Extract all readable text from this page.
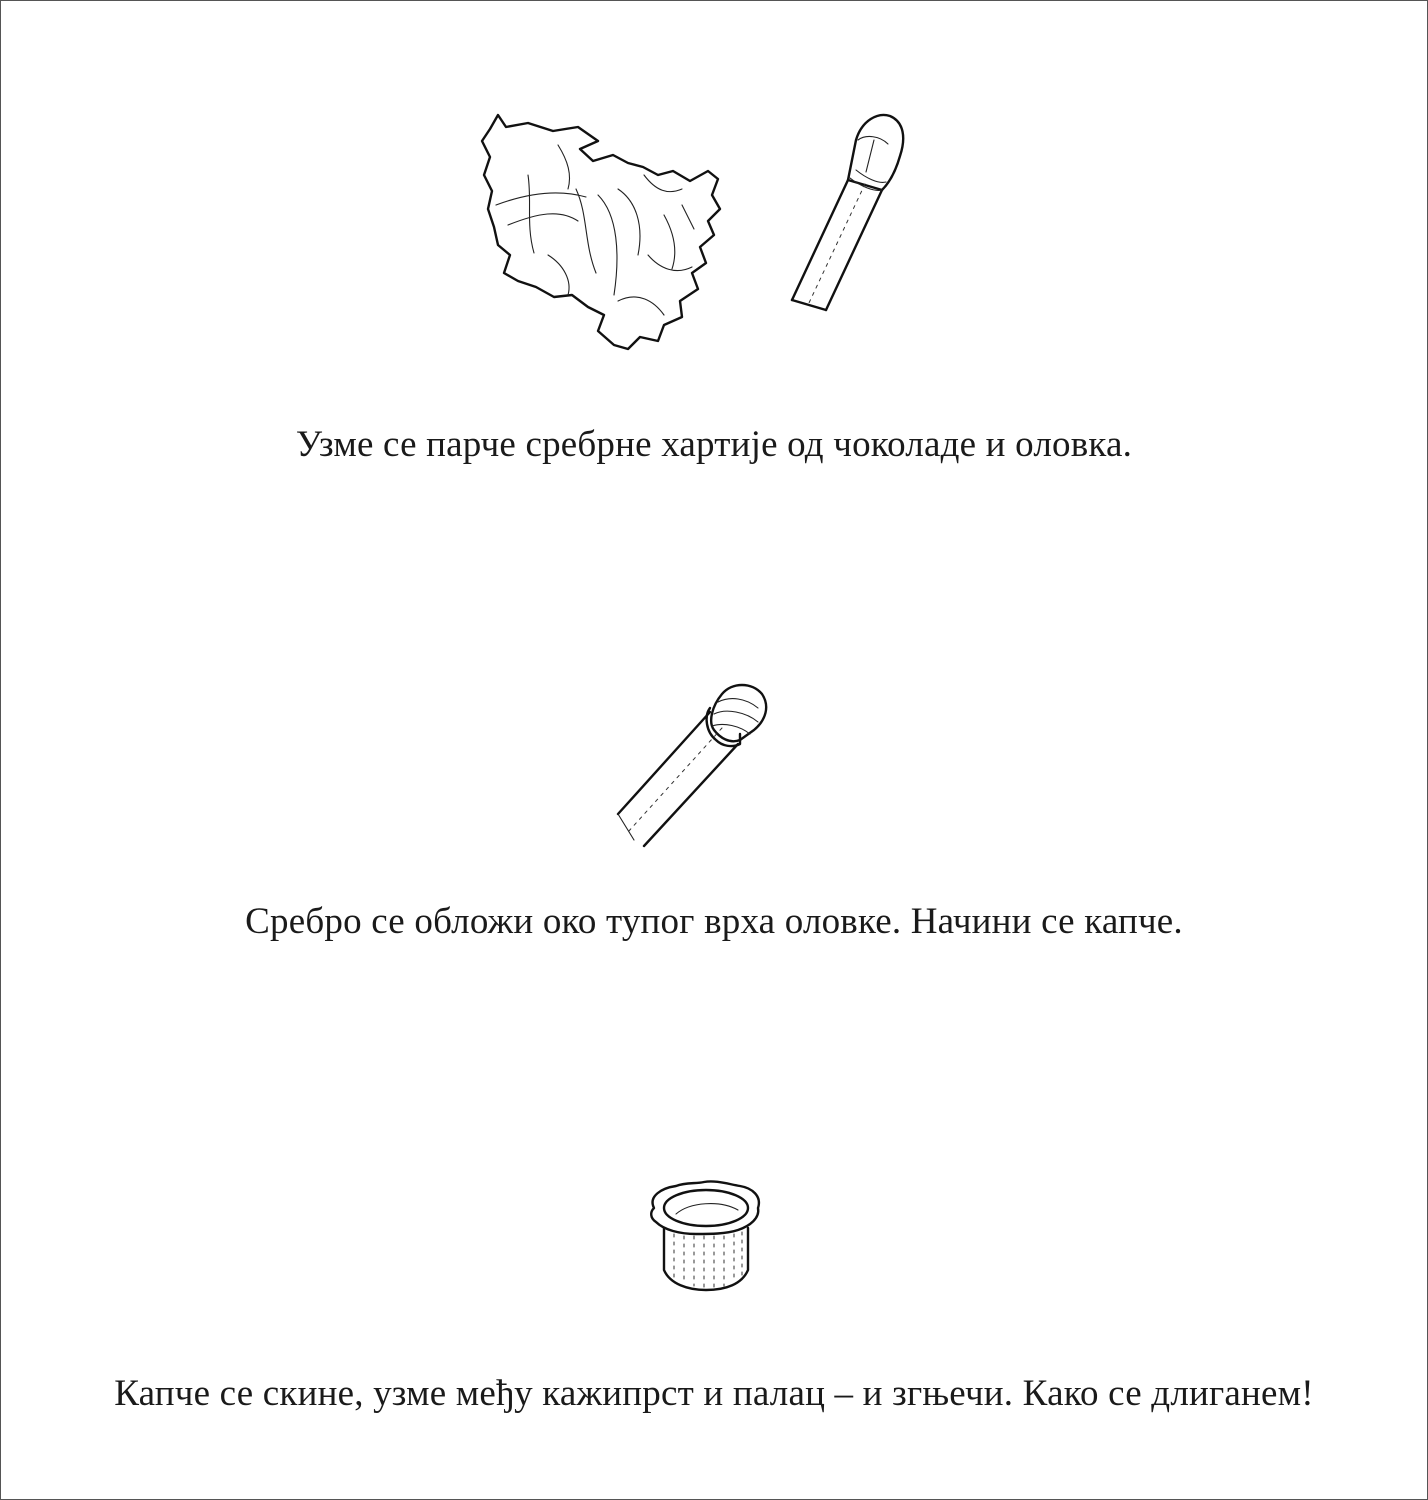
Узме се парче сребрне хартије од чоколаде и оловка.
Сребро се обложи око тупог врха оловке. Начини се капче.
Капче се скине, узме међу кажипрст и палац – и згњечи. Како се длиганем!
